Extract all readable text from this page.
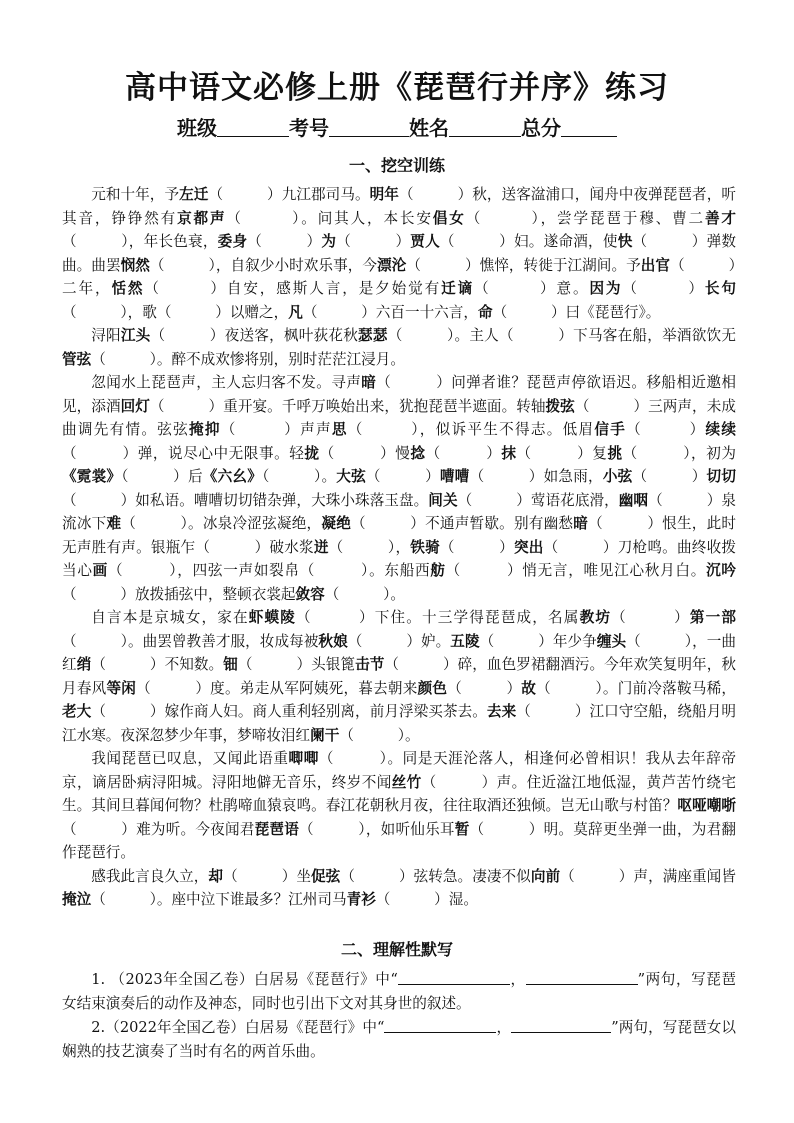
高中语文必修上册《琵琶行并序》练习
班级	考号	姓名	总分
一、挖空训练

元和十年，予左迁（　　　）九江郡司马。明年（　　　）秋，送客湓浦口，闻舟中夜弹琵琶者，听其音，铮铮然有京都声（　　　）。问其人，本长安倡女（　　　），尝学琵琶于穆、曹二善才（　　　），年长色衰，委身（　　　）为（　　　）贾人（　　　）妇。遂命酒，使快（　　　）弹数曲。曲罢悯然（　　　），自叙少小时欢乐事，今漂沦（　　　）憔悴，转徙于江湖间。予出官（　　　）二年，恬然（　　　）自安，感斯人言，是夕始觉有迁谪（　　　）意。因为（　　　）长句（　　　），歌（　　　）以赠之，凡（　　　）六百一十六言，命（　　　）曰《琵琶行》。

浔阳江头（　　　）夜送客，枫叶荻花秋瑟瑟（　　　）。主人（　　　）下马客在船，举酒欲饮无管弦（　　　）。醉不成欢惨将别，别时茫茫江浸月。

忽闻水上琵琶声，主人忘归客不发。寻声暗（　　　）问弹者谁？琵琶声停欲语迟。移船相近邀相见，添酒回灯（　　　）重开宴。千呼万唤始出来，犹抱琵琶半遮面。转轴拨弦（　　　）三两声，未成曲调先有情。弦弦掩抑（　　　）声声思（　　　），似诉平生不得志。低眉信手（　　　）续续（　　　）弹，说尽心中无限事。轻拢（　　　）慢捻（　　　）抹（　　　）复挑（　　　），初为《霓裳》（　　　）后《六幺》（　　　）。大弦（　　　）嘈嘈（　　　）如急雨，小弦（　　　）切切（　　　）如私语。嘈嘈切切错杂弹，大珠小珠落玉盘。间关（　　　）莺语花底滑，幽咽（　　　）泉流冰下难（　　　）。冰泉冷涩弦凝绝，凝绝（　　　）不通声暂歇。别有幽愁暗（　　　）恨生，此时无声胜有声。银瓶乍（　　　）破水浆迸（　　　），铁骑（　　　）突出（　　　）刀枪鸣。曲终收拨当心画（　　　），四弦一声如裂帛（　　　）。东船西舫（　　　）悄无言，唯见江心秋月白。沉吟（　　　）放拨插弦中，整顿衣裳起敛容（　　　）。

自言本是京城女，家在虾蟆陵（　　　）下住。十三学得琵琶成，名属教坊（　　　）第一部（　　　）。曲罢曾教善才服，妆成每被秋娘（　　　）妒。五陵（　　　）年少争缠头（　　　），一曲红绡（　　　）不知数。钿（　　　）头银篦击节（　　　）碎，血色罗裙翻酒污。今年欢笑复明年，秋月春风等闲（　　　）度。弟走从军阿姨死，暮去朝来颜色（　　　）故（　　　）。门前冷落鞍马稀，老大（　　　）嫁作商人妇。商人重利轻别离，前月浮梁买茶去。去来（　　　）江口守空船，绕船月明江水寒。夜深忽梦少年事，梦啼妆泪红阑干（　　　）。

我闻琵琶已叹息，又闻此语重唧唧（　　　）。同是天涯沦落人，相逢何必曾相识！我从去年辞帝京，谪居卧病浔阳城。浔阳地僻无音乐，终岁不闻丝竹（　　　）声。住近湓江地低湿，黄芦苦竹绕宅生。其间旦暮闻何物？杜鹃啼血猿哀鸣。春江花朝秋月夜，往往取酒还独倾。岂无山歌与村笛？呕哑嘲哳（　　　）难为听。今夜闻君琵琶语（　　　），如听仙乐耳暂（　　　）明。莫辞更坐弹一曲，为君翻作琵琶行。

感我此言良久立，却（　　　）坐促弦（　　　）弦转急。凄凄不似向前（　　　）声，满座重闻皆掩泣（　　　）。座中泣下谁最多？江州司马青衫（　　　）湿。

二、理解性默写

1. （2023年全国乙卷）白居易《琵琶行》中“	，	”两句，写琵琶女结束演奏后的动作及神态，同时也引出下文对其身世的叙述。

2.（2022年全国乙卷）白居易《琵琶行》中“	，	”两句，写琵琶女以娴熟的技艺演奏了当时有名的两首乐曲。
